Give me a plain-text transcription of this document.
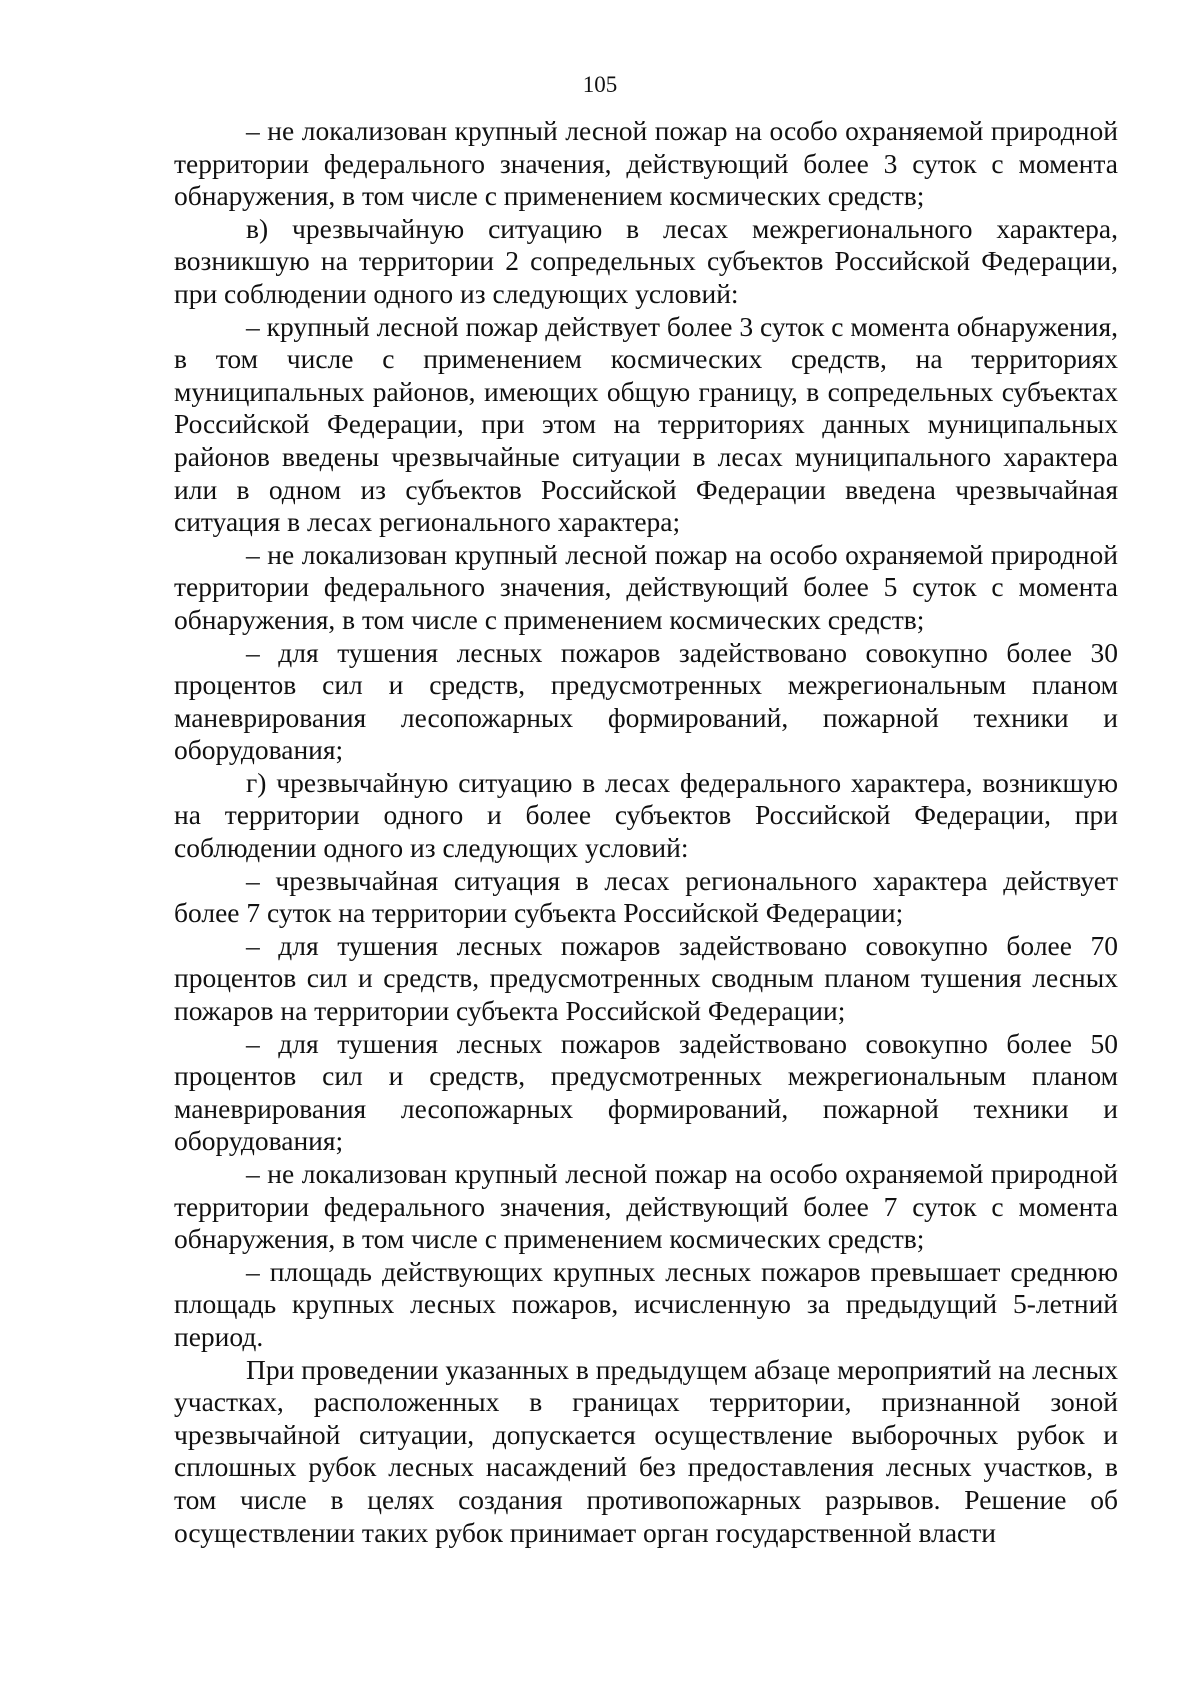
105

– не локализован крупный лесной пожар на особо охраняемой природной территории федерального значения, действующий более 3 суток с момента обнаружения, в том числе с применением космических средств;

в) чрезвычайную ситуацию в лесах межрегионального характера, возникшую на территории 2 сопредельных субъектов Российской Федерации, при соблюдении одного из следующих условий:

– крупный лесной пожар действует более 3 суток с момента обнаружения, в том числе с применением космических средств, на территориях муниципальных районов, имеющих общую границу, в сопредельных субъектах Российской Федерации, при этом на территориях данных муниципальных районов введены чрезвычайные ситуации в лесах муниципального характера или в одном из субъектов Российской Федерации введена чрезвычайная ситуация в лесах регионального характера;

– не локализован крупный лесной пожар на особо охраняемой природной территории федерального значения, действующий более 5 суток с момента обнаружения, в том числе с применением космических средств;

– для тушения лесных пожаров задействовано совокупно более 30 процентов сил и средств, предусмотренных межрегиональным планом маневрирования лесопожарных формирований, пожарной техники и оборудования;

г) чрезвычайную ситуацию в лесах федерального характера, возникшую на территории одного и более субъектов Российской Федерации, при соблюдении одного из следующих условий:

– чрезвычайная ситуация в лесах регионального характера действует более 7 суток на территории субъекта Российской Федерации;

– для тушения лесных пожаров задействовано совокупно более 70 процентов сил и средств, предусмотренных сводным планом тушения лесных пожаров на территории субъекта Российской Федерации;

– для тушения лесных пожаров задействовано совокупно более 50 процентов сил и средств, предусмотренных межрегиональным планом маневрирования лесопожарных формирований, пожарной техники и оборудования;

– не локализован крупный лесной пожар на особо охраняемой природной территории федерального значения, действующий более 7 суток с момента обнаружения, в том числе с применением космических средств;

– площадь действующих крупных лесных пожаров превышает среднюю площадь крупных лесных пожаров, исчисленную за предыдущий 5-летний период.

При проведении указанных в предыдущем абзаце мероприятий на лесных участках, расположенных в границах территории, признанной зоной чрезвычайной ситуации, допускается осуществление выборочных рубок и сплошных рубок лесных насаждений без предоставления лесных участков, в том числе в целях создания противопожарных разрывов. Решение об осуществлении таких рубок принимает орган государственной власти
